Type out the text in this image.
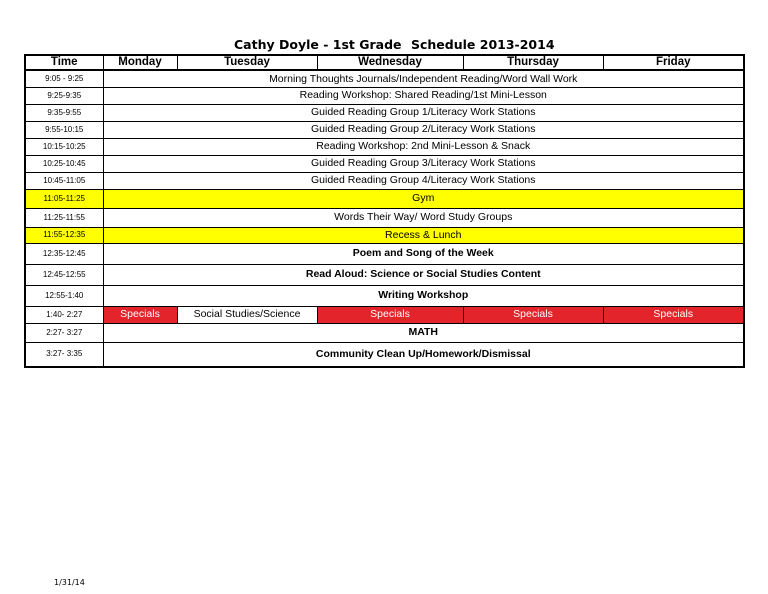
Cathy Doyle - 1st Grade Schedule 2013-2014
Time	Monday	Tuesday	Wednesday	Thursday	Friday
9:05 - 9:25	Morning Thoughts Journals/Independent Reading/Word Wall Work				
9:25-9:35	Reading Workshop: Shared Reading/1st Mini-Lesson				
9:35-9:55	Guided Reading Group 1/Literacy Work Stations				
9:55-10:15	Guided Reading Group 2/Literacy Work Stations				
10:15-10:25	Reading Workshop: 2nd Mini-Lesson & Snack				
10:25-10:45	Guided Reading Group 3/Literacy Work Stations				
10:45-11:05	Guided Reading Group 4/Literacy Work Stations				
11:05-11:25	Gym				
11:25-11:55	Words Their Way/ Word Study Groups				
11:55-12:35	Recess & Lunch				
12:35-12:45	Poem and Song of the Week				
12:45-12:55	Read Aloud: Science or Social Studies Content				
12:55-1:40	Writing Workshop				
1:40- 2:27	Specials	Social Studies/Science	Specials	Specials	Specials
2:27- 3:27	MATH				
3:27- 3:35	Community Clean Up/Homework/Dismissal				
1/31/14
